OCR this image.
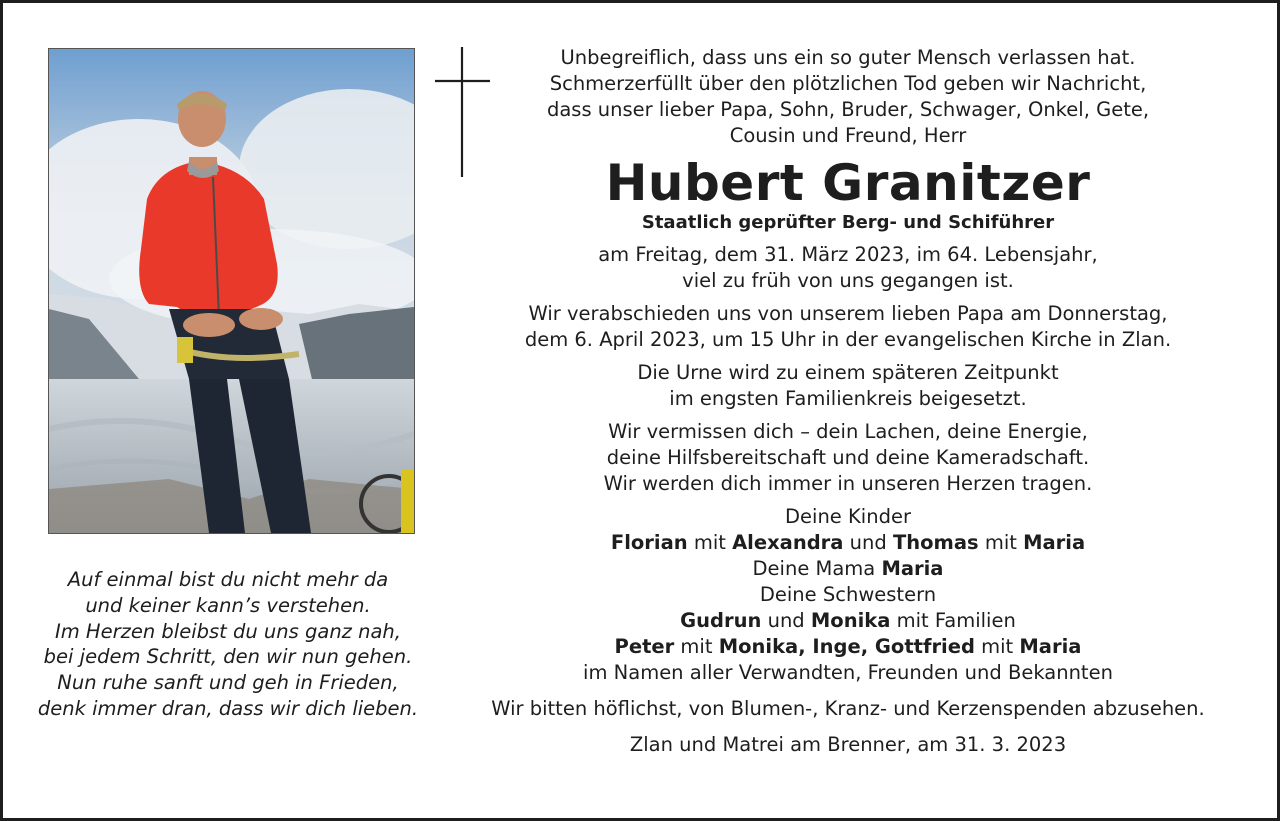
Auf einmal bist du nicht mehr da
und keiner kann’s verstehen.
Im Herzen bleibst du uns ganz nah,
bei jedem Schritt, den wir nun gehen.
Nun ruhe sanft und geh in Frieden,
denk immer dran, dass wir dich lieben.
Unbegreiflich, dass uns ein so guter Mensch verlassen hat.
Schmerzerfüllt über den plötzlichen Tod geben wir Nachricht,
dass unser lieber Papa, Sohn, Bruder, Schwager, Onkel, Gete,
Cousin und Freund, Herr
Hubert Granitzer
Staatlich geprüfter Berg- und Schiführer
am Freitag, dem 31. März 2023, im 64. Lebensjahr,
viel zu früh von uns gegangen ist.
Wir verabschieden uns von unserem lieben Papa am Donnerstag,
dem 6. April 2023, um 15 Uhr in der evangelischen Kirche in Zlan.
Die Urne wird zu einem späteren Zeitpunkt
im engsten Familienkreis beigesetzt.
Wir vermissen dich – dein Lachen, deine Energie,
deine Hilfsbereitschaft und deine Kameradschaft.
Wir werden dich immer in unseren Herzen tragen.
Deine Kinder
Florian mit Alexandra und Thomas mit Maria
Deine Mama Maria
Deine Schwestern
Gudrun und Monika mit Familien
Peter mit Monika, Inge, Gottfried mit Maria
im Namen aller Verwandten, Freunden und Bekannten
Wir bitten höflichst, von Blumen-, Kranz- und Kerzenspenden abzusehen.
Zlan und Matrei am Brenner, am 31. 3. 2023
